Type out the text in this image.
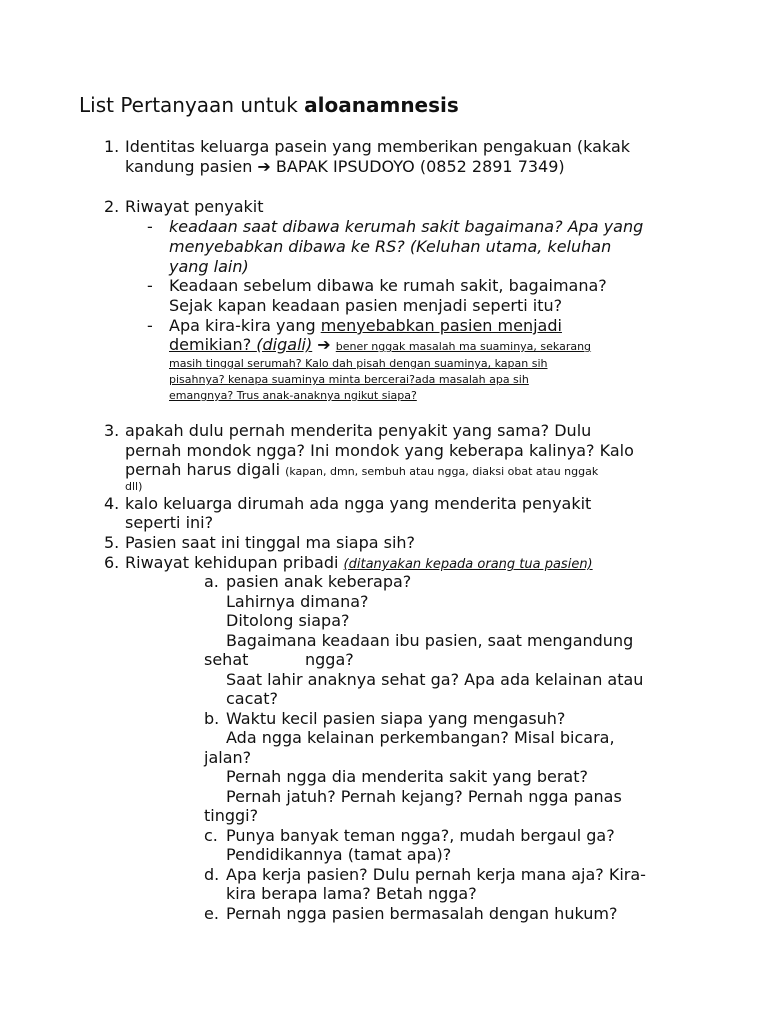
List Pertanyaan untuk aloanamnesis
1. Identitas keluarga pasein yang memberikan pengakuan (kakak
kandung pasien ➔ BAPAK IPSUDOYO (0852 2891 7349)
2. Riwayat penyakit
- keadaan saat dibawa kerumah sakit bagaimana? Apa yang
menyebabkan dibawa ke RS? (Keluhan utama, keluhan
yang lain)
- Keadaan sebelum dibawa ke rumah sakit, bagaimana?
Sejak kapan keadaan pasien menjadi seperti itu?
- Apa kira-kira yang menyebabkan pasien menjadi
demikian? (digali) ➔ bener nggak masalah ma suaminya, sekarang
masih tinggal serumah? Kalo dah pisah dengan suaminya, kapan sih
pisahnya? kenapa suaminya minta bercerai?ada masalah apa sih
emangnya? Trus anak-anaknya ngikut siapa?
3. apakah dulu pernah menderita penyakit yang sama? Dulu
pernah mondok ngga? Ini mondok yang keberapa kalinya? Kalo
pernah harus digali (kapan, dmn, sembuh atau ngga, diaksi obat atau nggak
dll)
4. kalo keluarga dirumah ada ngga yang menderita penyakit
seperti ini?
5. Pasien saat ini tinggal ma siapa sih?
6. Riwayat kehidupan pribadi (ditanyakan kepada orang tua pasien)
a. pasien anak keberapa?
Lahirnya dimana?
Ditolong siapa?
Bagaimana keadaan ibu pasien, saat mengandung
sehat	ngga?
Saat lahir anaknya sehat ga? Apa ada kelainan atau
cacat?
b. Waktu kecil pasien siapa yang mengasuh?
Ada ngga kelainan perkembangan? Misal bicara,
jalan?
Pernah ngga dia menderita sakit yang berat?
Pernah jatuh? Pernah kejang? Pernah ngga panas
tinggi?
c. Punya banyak teman ngga?, mudah bergaul ga?
Pendidikannya (tamat apa)?
d. Apa kerja pasien? Dulu pernah kerja mana aja? Kira-
kira berapa lama? Betah ngga?
e. Pernah ngga pasien bermasalah dengan hukum?
